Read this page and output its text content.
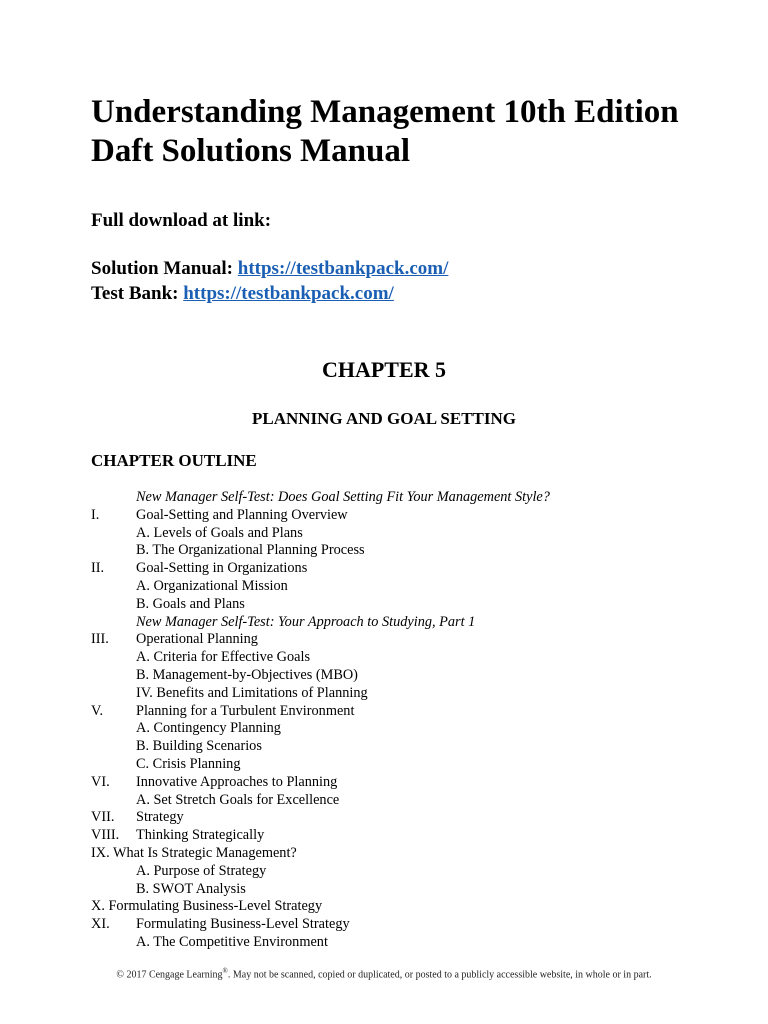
Understanding Management 10th Edition
Daft Solutions Manual
Full download at link:
Solution Manual: https://testbankpack.com/
Test Bank: https://testbankpack.com/
CHAPTER 5
PLANNING AND GOAL SETTING
CHAPTER OUTLINE
New Manager Self-Test: Does Goal Setting Fit Your Management Style?
I.	Goal-Setting and Planning Overview
A. Levels of Goals and Plans
B. The Organizational Planning Process
II. Goal-Setting in Organizations
A. Organizational Mission
B. Goals and Plans
New Manager Self-Test: Your Approach to Studying, Part 1
III. Operational Planning
A. Criteria for Effective Goals
B. Management-by-Objectives (MBO)
IV. Benefits and Limitations of Planning
V. Planning for a Turbulent Environment
A. Contingency Planning
B. Building Scenarios
C. Crisis Planning
VI. Innovative Approaches to Planning
A. Set Stretch Goals for Excellence
VII. Strategy
VIII. Thinking Strategically
IX. What Is Strategic Management?
A. Purpose of Strategy
B. SWOT Analysis
X. Formulating Business-Level Strategy
XI. Formulating Business-Level Strategy
A. The Competitive Environment
© 2017 Cengage Learning®. May not be scanned, copied or duplicated, or posted to a publicly accessible website, in whole or in part.
